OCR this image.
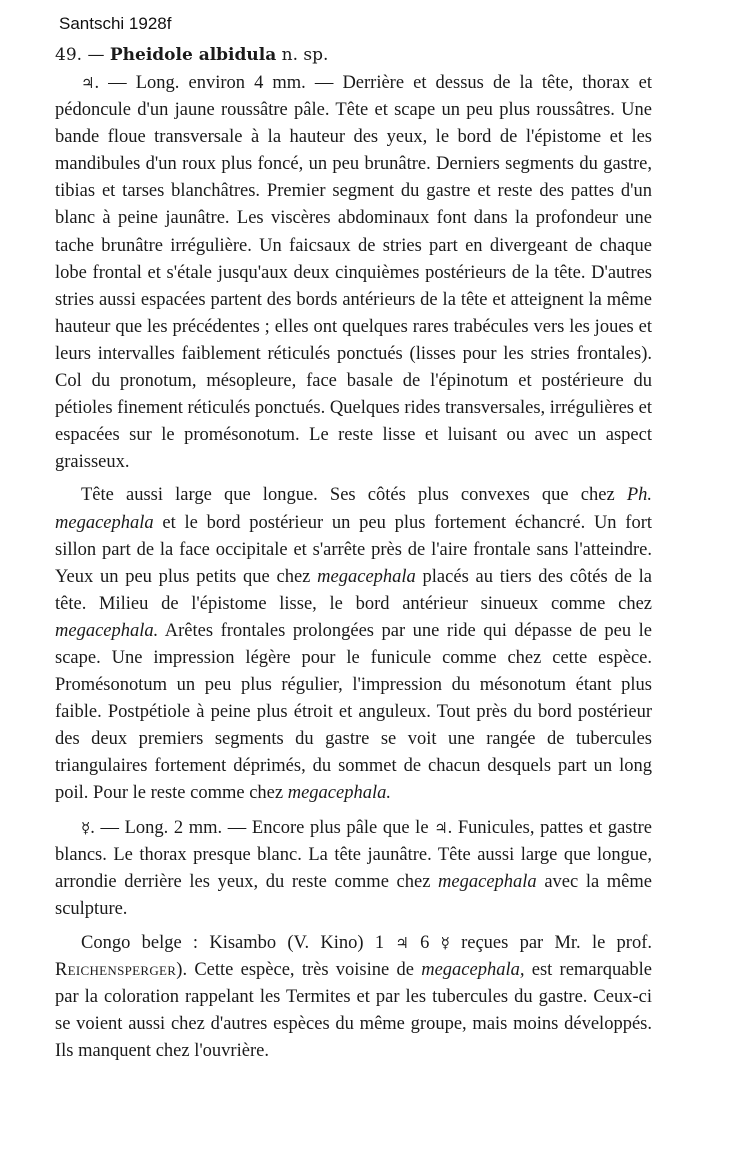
Santschi 1928f
49. — Pheidole albidula n. sp.

♃. — Long. environ 4 mm. — Derrière et dessus de la tête, thorax et pédoncule d'un jaune roussâtre pâle. Tête et scape un peu plus roussâtres. Une bande floue transversale à la hauteur des yeux, le bord de l'épistome et les mandibules d'un roux plus foncé, un peu brunâtre. Derniers segments du gastre, tibias et tarses blanchâtres. Premier segment du gastre et reste des pattes d'un blanc à peine jaunâtre. Les viscères abdominaux font dans la profondeur une tache brunâtre irrégulière. Un faicsaux de stries part en divergeant de chaque lobe frontal et s'étale jusqu'aux deux cinquièmes postérieurs de la tête. D'autres stries aussi espacées partent des bords antérieurs de la tête et atteignent la même hauteur que les précédentes ; elles ont quelques rares trabécules vers les joues et leurs intervalles faiblement réticulés ponctués (lisses pour les stries frontales). Col du pronotum, mésopleure, face basale de l'épinotum et postérieure du pétioles finement réticulés ponctués. Quelques rides transversales, irrégulières et espacées sur le promésonotum. Le reste lisse et luisant ou avec un aspect graisseux.

Tête aussi large que longue. Ses côtés plus convexes que chez Ph. megacephala et le bord postérieur un peu plus fortement échancré. Un fort sillon part de la face occipitale et s'arrête près de l'aire frontale sans l'atteindre. Yeux un peu plus petits que chez megacephala placés au tiers des côtés de la tête. Milieu de l'épistome lisse, le bord antérieur sinueux comme chez megacephala. Arêtes frontales prolongées par une ride qui dépasse de peu le scape. Une impression légère pour le funicule comme chez cette espèce. Promésonotum un peu plus régulier, l'impression du mésonotum étant plus faible. Postpétiole à peine plus étroit et anguleux. Tout près du bord postérieur des deux premiers segments du gastre se voit une rangée de tubercules triangulaires fortement déprimés, du sommet de chacun desquels part un long poil. Pour le reste comme chez megacephala.

☿. — Long. 2 mm. — Encore plus pâle que le ♃. Funicules, pattes et gastre blancs. Le thorax presque blanc. La tête jaunâtre. Tête aussi large que longue, arrondie derrière les yeux, du reste comme chez megacephala avec la même sculpture.

Congo belge : Kisambo (V. Kino) 1 ♃ 6 ☿ reçues par Mr. le prof. Reichensperger). Cette espèce, très voisine de megacephala, est remarquable par la coloration rappelant les Termites et par les tubercules du gastre. Ceux-ci se voient aussi chez d'autres espèces du même groupe, mais moins développés. Ils manquent chez l'ouvrière.
